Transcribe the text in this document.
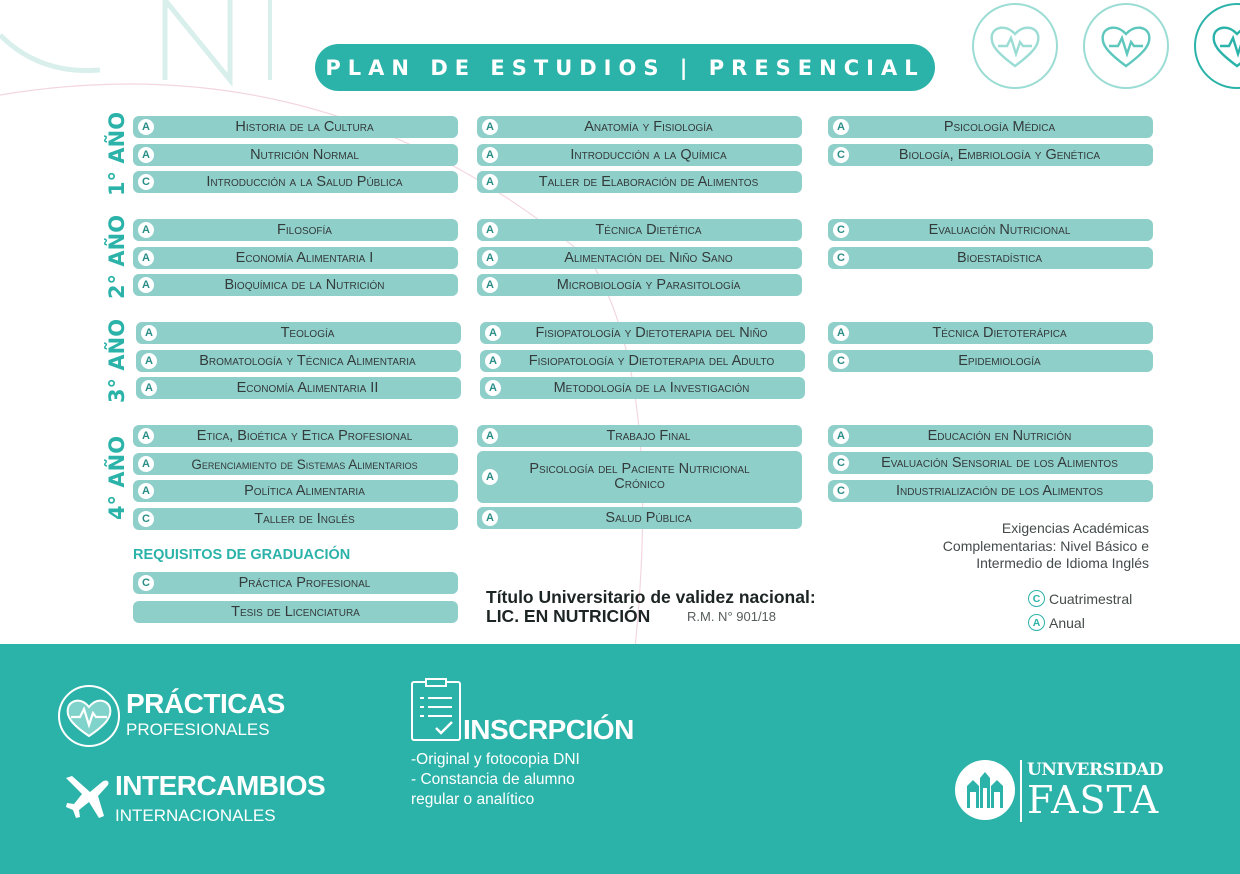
PLAN DE ESTUDIOS | PRESENCIAL
1° AÑO
2° AÑO
3° AÑO
4° AÑO
A	Historia de la Cultura
A	Nutrición Normal
C	Introducción a la Salud Pública
A	Anatomía y Fisiología
A	Introducción a la Química
A	Taller de Elaboración de Alimentos
A	Psicología Médica
C	Biología, Embriología y Genética
A	Filosofía
A	Economía Alimentaria I
A	Bioquímica de la Nutrición
A	Técnica Dietética
A	Alimentación del Niño Sano
A	Microbiología y Parasitología
C	Evaluación Nutricional
C	Bioestadística
A	Teología
A	Bromatología y Técnica Alimentaria
A	Economía Alimentaria II
A	Fisiopatología y Dietoterapia del Niño
A	Fisiopatología y Dietoterapia del Adulto
A	Metodología de la Investigación
A	Técnica Dietoterápica
C	Epidemiología
A	Ética, Bioética y Ética Profesional
A	Gerenciamiento de Sistemas Alimentarios
A	Política Alimentaria
C	Taller de Inglés
A	Trabajo Final
A	Psicología del Paciente Nutricional Crónico
A	Salud Pública
A	Educación en Nutrición
C	Evaluación Sensorial de los Alimentos
C	Industrialización de los Alimentos
REQUISITOS DE GRADUACIÓN
C	Práctica Profesional
Tesis de Licenciatura
Título Universitario de validez nacional:
LIC. EN NUTRICIÓN	R.M. N° 901/18
Exigencias Académicas
Complementarias: Nivel Básico e
Intermedio de Idioma Inglés
C Cuatrimestral
A Anual
PRÁCTICAS
PROFESIONALES
INTERCAMBIOS
INTERNACIONALES
INSCRPCIÓN
-Original y fotocopia DNI
- Constancia de alumno
regular o analítico
UNIVERSIDAD
FASTA
